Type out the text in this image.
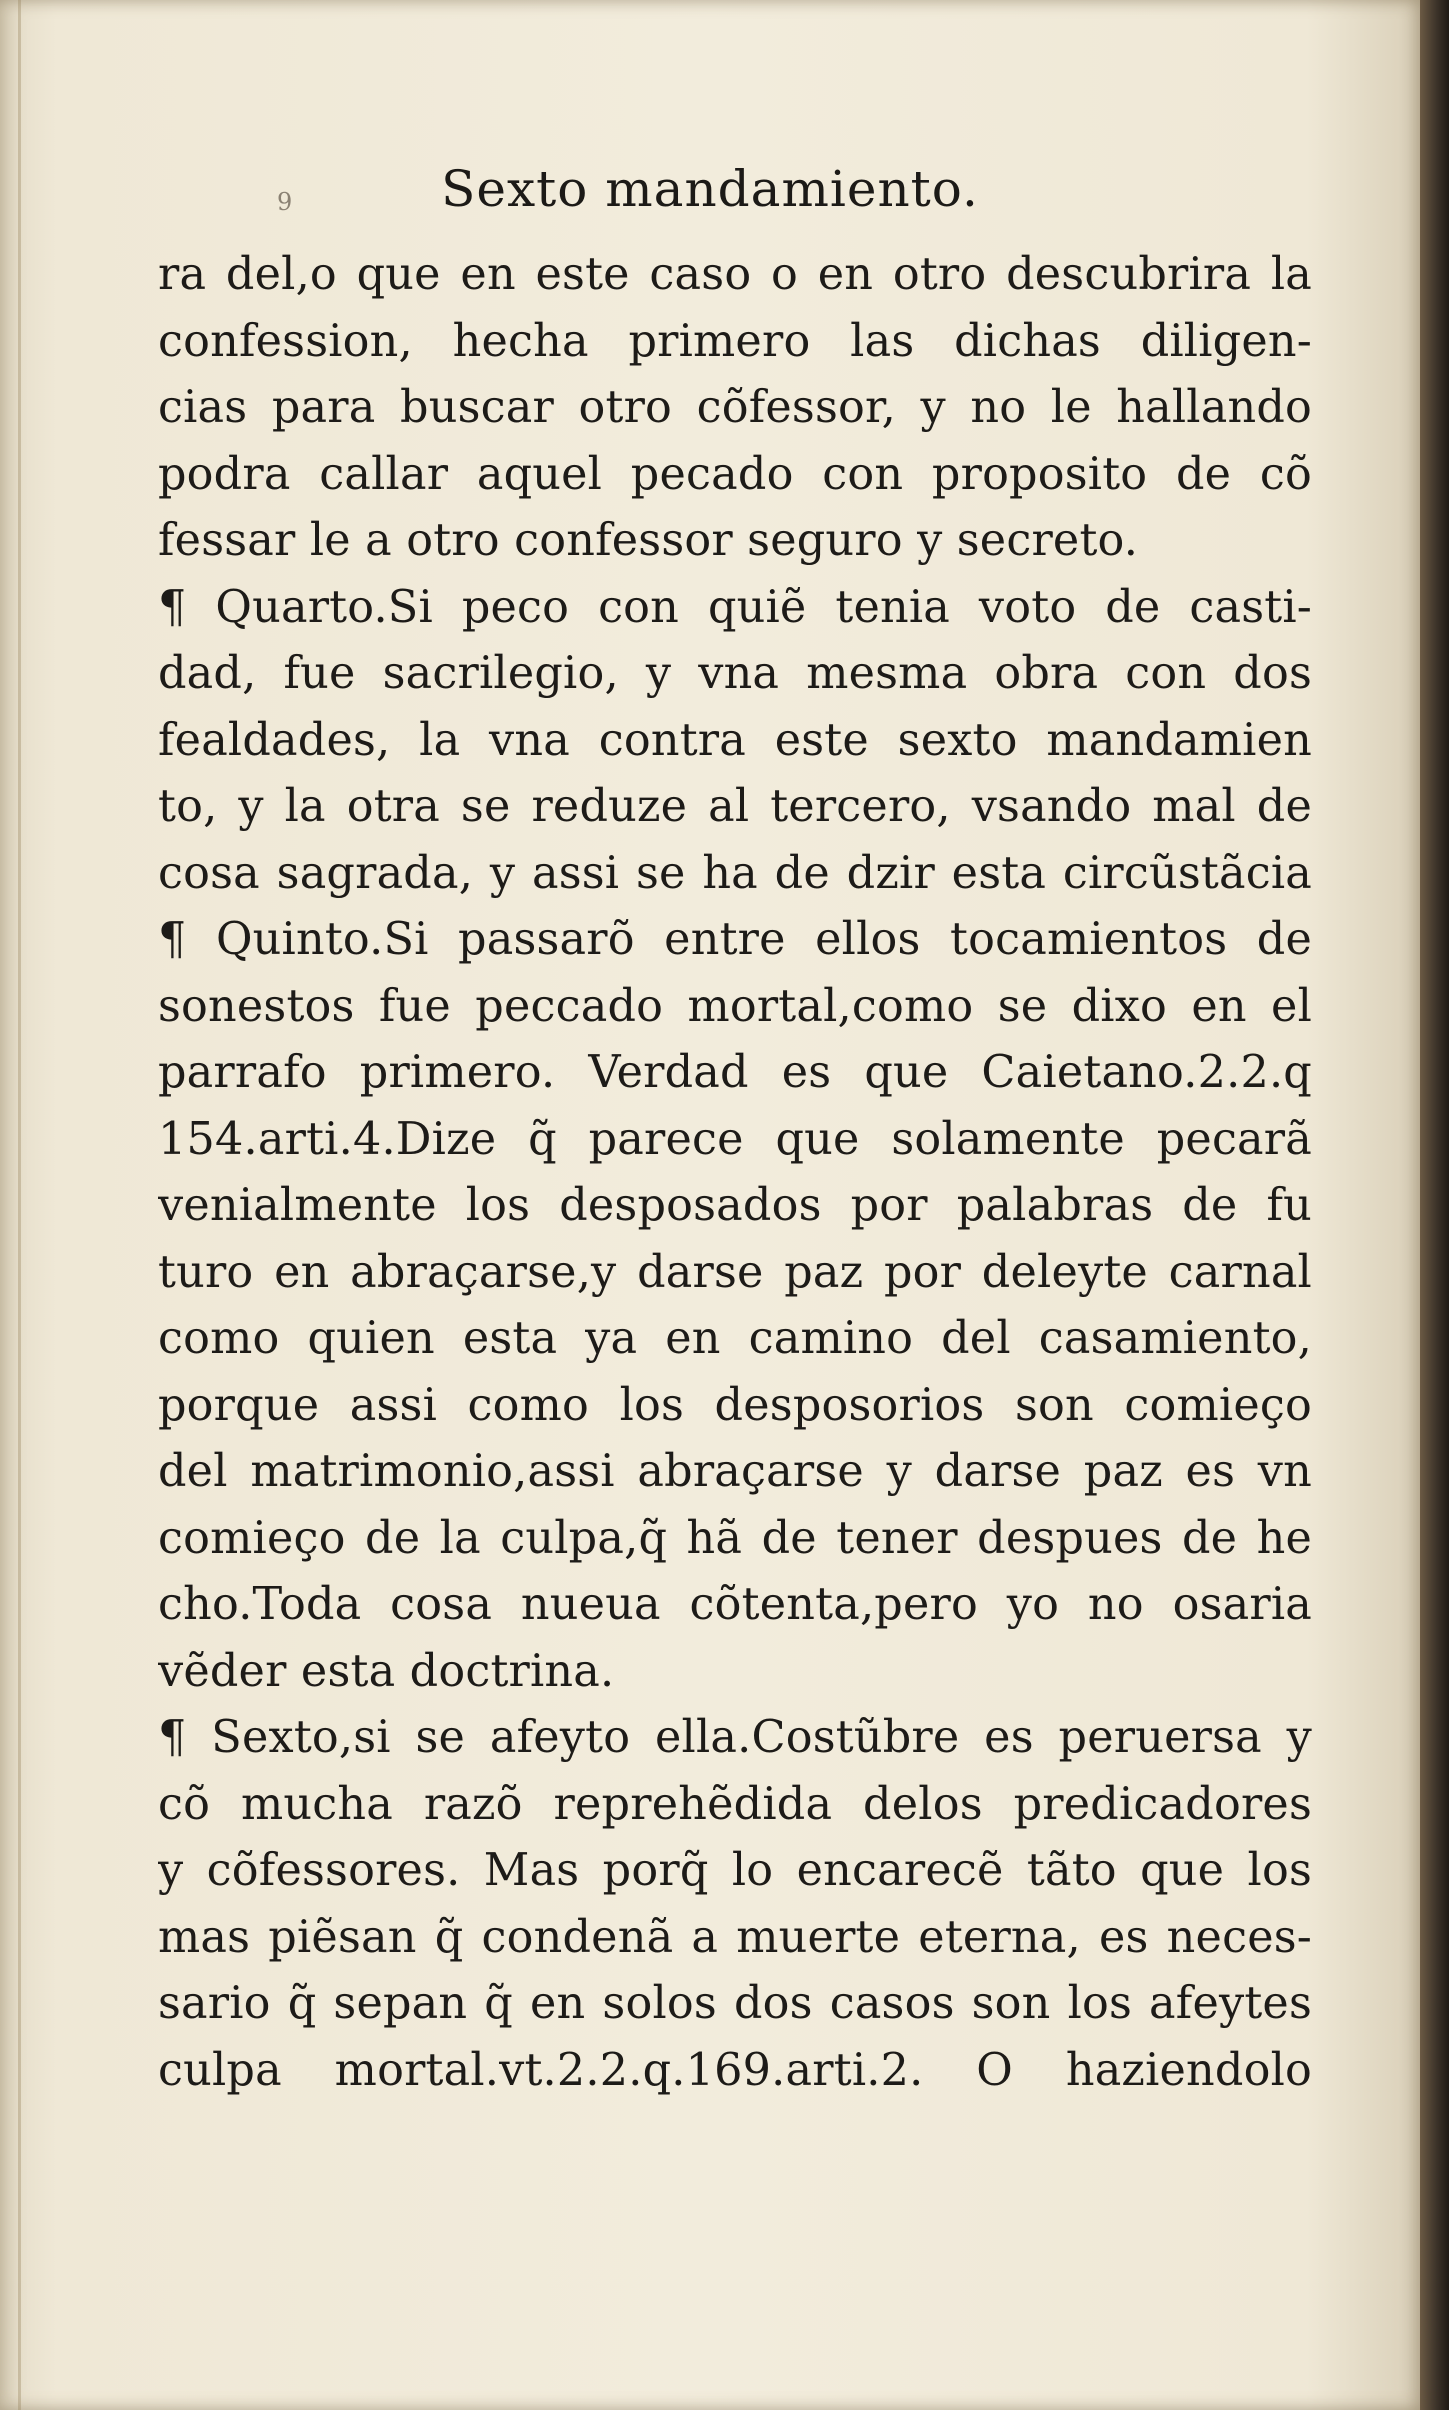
9	Sexto mandamiento.
ra del,o que en este caso o en otro descubrira la
confession, hecha primero las dichas diligen-
cias para buscar otro cõfessor, y no le hallando
podra callar aquel pecado con proposito de cõ
fessar le a otro confessor seguro y secreto.
¶ Quarto.Si peco con quiẽ tenia voto de casti-
dad, fue sacrilegio, y vna mesma obra con dos
fealdades, la vna contra este sexto mandamien
to, y la otra se reduze al tercero, vsando mal de
cosa sagrada, y assi se ha de dzir esta circũstãcia
¶ Quinto.Si passarõ entre ellos tocamientos de
sonestos fue peccado mortal,como se dixo en el
parrafo primero. Verdad es que Caietano.2.2.q
154.arti.4.Dize q̃ parece que solamente pecarã
venialmente los desposados por palabras de fu
turo en abraçarse,y darse paz por deleyte carnal
como quien esta ya en camino del casamiento,
porque assi como los desposorios son comieço
del matrimonio,assi abraçarse y darse paz es vn
comieço de la culpa,q̃ hã de tener despues de he
cho.Toda cosa nueua cõtenta,pero yo no osaria
vẽder esta doctrina.
¶ Sexto,si se afeyto ella.Costũbre es peruersa y
cõ mucha razõ reprehẽdida delos predicadores
y cõfessores. Mas porq̃ lo encarecẽ tãto que los
mas piẽsan q̃ condenã a muerte eterna, es neces-
sario q̃ sepan q̃ en solos dos casos son los afeytes
culpa mortal.vt.2.2.q.169.arti.2. O haziendolo
